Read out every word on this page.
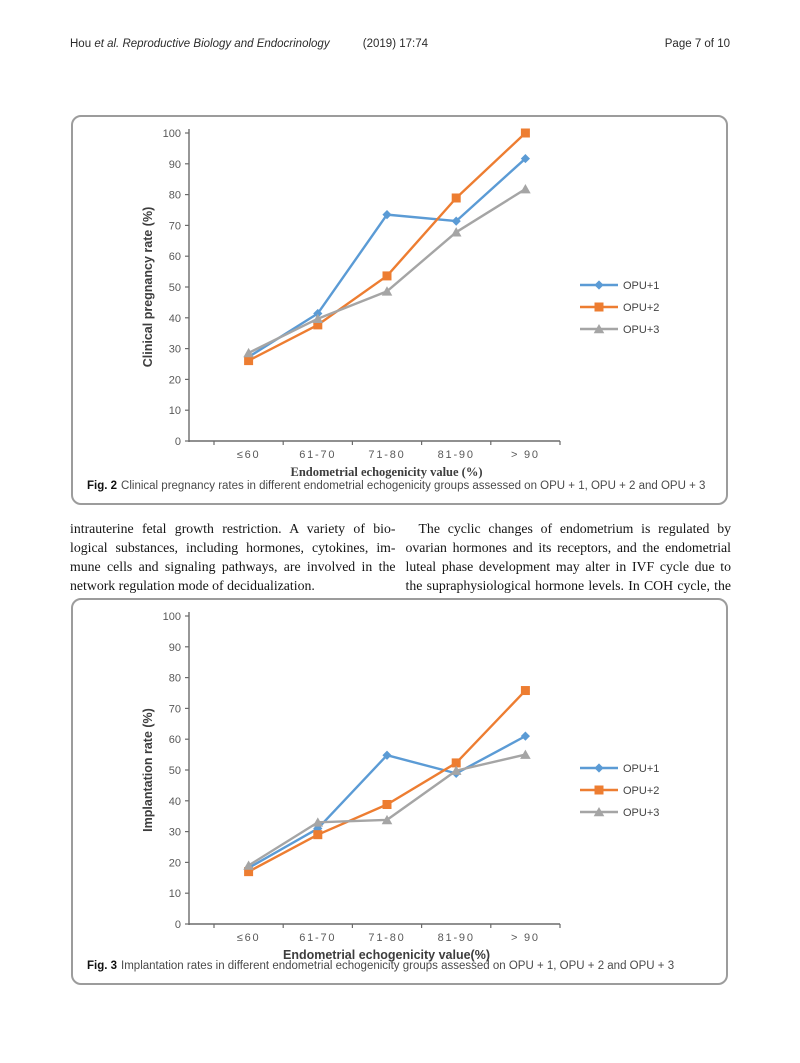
Hou et al. Reproductive Biology and Endocrinology	(2019) 17:74	Page 7 of 10
0
10
20
30
40
50
60
70
80
90
100
≤60	61-70	71-80	81-90	> 90
Endometrial echogenicity value (%)
Clinical pregnancy rate (%)	OPU+1
OPU+2
OPU+3
Fig. 2 Clinical pregnancy rates in different endometrial echogenicity groups assessed on OPU + 1, OPU + 2 and OPU + 3
intrauterine fetal growth restriction. A variety of bio-
logical substances, including hormones, cytokines, im-
mune cells and signaling pathways, are involved in the
network regulation mode of decidualization.
The cyclic changes of endometrium is regulated by
ovarian hormones and its receptors, and the endometrial
luteal phase development may alter in IVF cycle due to
the supraphysiological hormone levels. In COH cycle, the
0
10
20
30
40
50
60
70
80
90
100
≤60	61-70	71-80	81-90	> 90
Endometrial echogenicity value(%)
Implantation rate (%)	OPU+1
OPU+2
OPU+3
Fig. 3 Implantation rates in different endometrial echogenicity groups assessed on OPU + 1, OPU + 2 and OPU + 3
